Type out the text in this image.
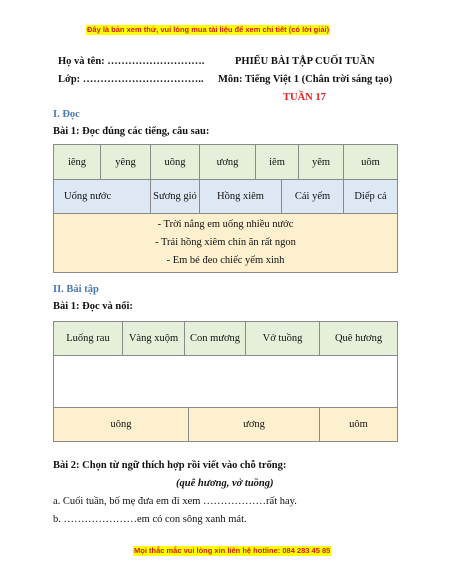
Đây là bản xem thử, vui lòng mua tài liệu để xem chi tiết (có lời giải)
Họ và tên: ……………………….
Lớp: ……………………………..
PHIẾU BÀI TẬP CUỐI TUẦN
Môn: Tiếng Việt 1 (Chân trời sáng tạo)
TUẦN 17
I. Đọc
Bài 1: Đọc đúng các tiếng, câu sau:
iêng	yêng	uông	ương	iêm		yêm	uôm
Uống nước		Sương gió	Hồng xiêm		Cái yếm		Diếp cá

- Trời nắng em uống nhiều nước
- Trái hồng xiêm chín ăn rất ngon
- Em bé đeo chiếc yếm xinh							
II. Bài tập
Bài 1: Đọc và nối:
Luống rau	Vàng xuộm	Con mương		Vở tuồng	Quê hương

uông			ương		uôm
Bài 2: Chọn từ ngữ thích hợp rồi viết vào chỗ trống:
(quê hương, vở tuồng)
a. Cuối tuần, bố mẹ đưa em đi xem ………………rất hay.
b. …………………em có con sông xanh mát.
Mọi thắc mắc vui lòng xin liên hệ hotline: 084 283 45 85
